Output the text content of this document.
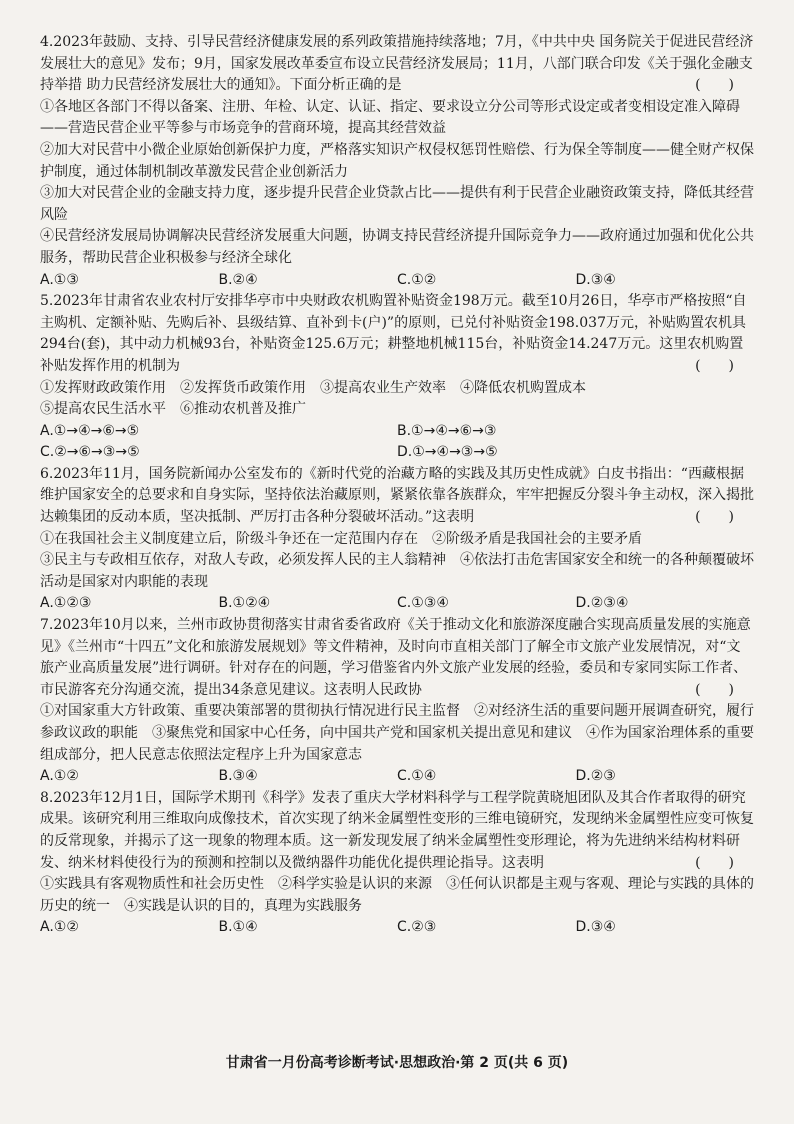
4.2023年鼓励、支持、引导民营经济健康发展的系列政策措施持续落地；7月，《中共中央 国务院关于促进民营经济发展壮大的意见》发布；9月，国家发展改革委宣布设立民营经济发展局；11月，八部门联合印发《关于强化金融支持举措 助力民营经济发展壮大的通知》。下面分析正确的是	(　　)
①各地区各部门不得以备案、注册、年检、认定、认证、指定、要求设立分公司等形式设定或者变相设定准入障碍——营造民营企业平等参与市场竞争的营商环境，提高其经营效益
②加大对民营中小微企业原始创新保护力度，严格落实知识产权侵权惩罚性赔偿、行为保全等制度——健全财产权保护制度，通过体制机制改革激发民营企业创新活力
③加大对民营企业的金融支持力度，逐步提升民营企业贷款占比——提供有利于民营企业融资政策支持，降低其经营风险
④民营经济发展局协调解决民营经济发展重大问题，协调支持民营经济提升国际竞争力——政府通过加强和优化公共服务，帮助民营企业积极参与经济全球化
A.①③	B.②④	C.①②	D.③④
5.2023年甘肃省农业农村厅安排华亭市中央财政农机购置补贴资金198万元。截至10月26日，华亭市严格按照“自主购机、定额补贴、先购后补、县级结算、直补到卡(户)”的原则，已兑付补贴资金198.037万元，补贴购置农机具294台(套)，其中动力机械93台，补贴资金125.6万元；耕整地机械115台，补贴资金14.247万元。这里农机购置补贴发挥作用的机制为	(　　)
①发挥财政政策作用　②发挥货币政策作用　③提高农业生产效率　④降低农机购置成本
⑤提高农民生活水平　⑥推动农机普及推广
A.①→④→⑥→⑤	B.①→④→⑥→③
C.②→⑥→③→⑤	D.①→④→③→⑤
6.2023年11月，国务院新闻办公室发布的《新时代党的治藏方略的实践及其历史性成就》白皮书指出：“西藏根据维护国家安全的总要求和自身实际，坚持依法治藏原则，紧紧依靠各族群众，牢牢把握反分裂斗争主动权，深入揭批达赖集团的反动本质，坚决抵制、严厉打击各种分裂破坏活动。”这表明	(　　)
①在我国社会主义制度建立后，阶级斗争还在一定范围内存在　②阶级矛盾是我国社会的主要矛盾
③民主与专政相互依存，对敌人专政，必须发挥人民的主人翁精神　④依法打击危害国家安全和统一的各种颠覆破坏活动是国家对内职能的表现
A.①②③	B.①②④	C.①③④	D.②③④
7.2023年10月以来，兰州市政协贯彻落实甘肃省委省政府《关于推动文化和旅游深度融合实现高质量发展的实施意见》《兰州市“十四五”文化和旅游发展规划》等文件精神，及时向市直相关部门了解全市文旅产业发展情况，对“文旅产业高质量发展”进行调研。针对存在的问题，学习借鉴省内外文旅产业发展的经验，委员和专家同实际工作者、市民游客充分沟通交流，提出34条意见建议。这表明人民政协	(　　)
①对国家重大方针政策、重要决策部署的贯彻执行情况进行民主监督　②对经济生活的重要问题开展调查研究，履行参政议政的职能　③聚焦党和国家中心任务，向中国共产党和国家机关提出意见和建议　④作为国家治理体系的重要组成部分，把人民意志依照法定程序上升为国家意志
A.①②	B.③④	C.①④	D.②③
8.2023年12月1日，国际学术期刊《科学》发表了重庆大学材料科学与工程学院黄晓旭团队及其合作者取得的研究成果。该研究利用三维取向成像技术，首次实现了纳米金属塑性变形的三维电镜研究，发现纳米金属塑性应变可恢复的反常现象，并揭示了这一现象的物理本质。这一新发现发展了纳米金属塑性变形理论，将为先进纳米结构材料研发、纳米材料使役行为的预测和控制以及微纳器件功能优化提供理论指导。这表明	(　　)
①实践具有客观物质性和社会历史性　②科学实验是认识的来源　③任何认识都是主观与客观、理论与实践的具体的历史的统一　④实践是认识的目的，真理为实践服务
A.①②	B.①④	C.②③	D.③④
甘肃省一月份高考诊断考试·思想政治·第 2 页(共 6 页)
